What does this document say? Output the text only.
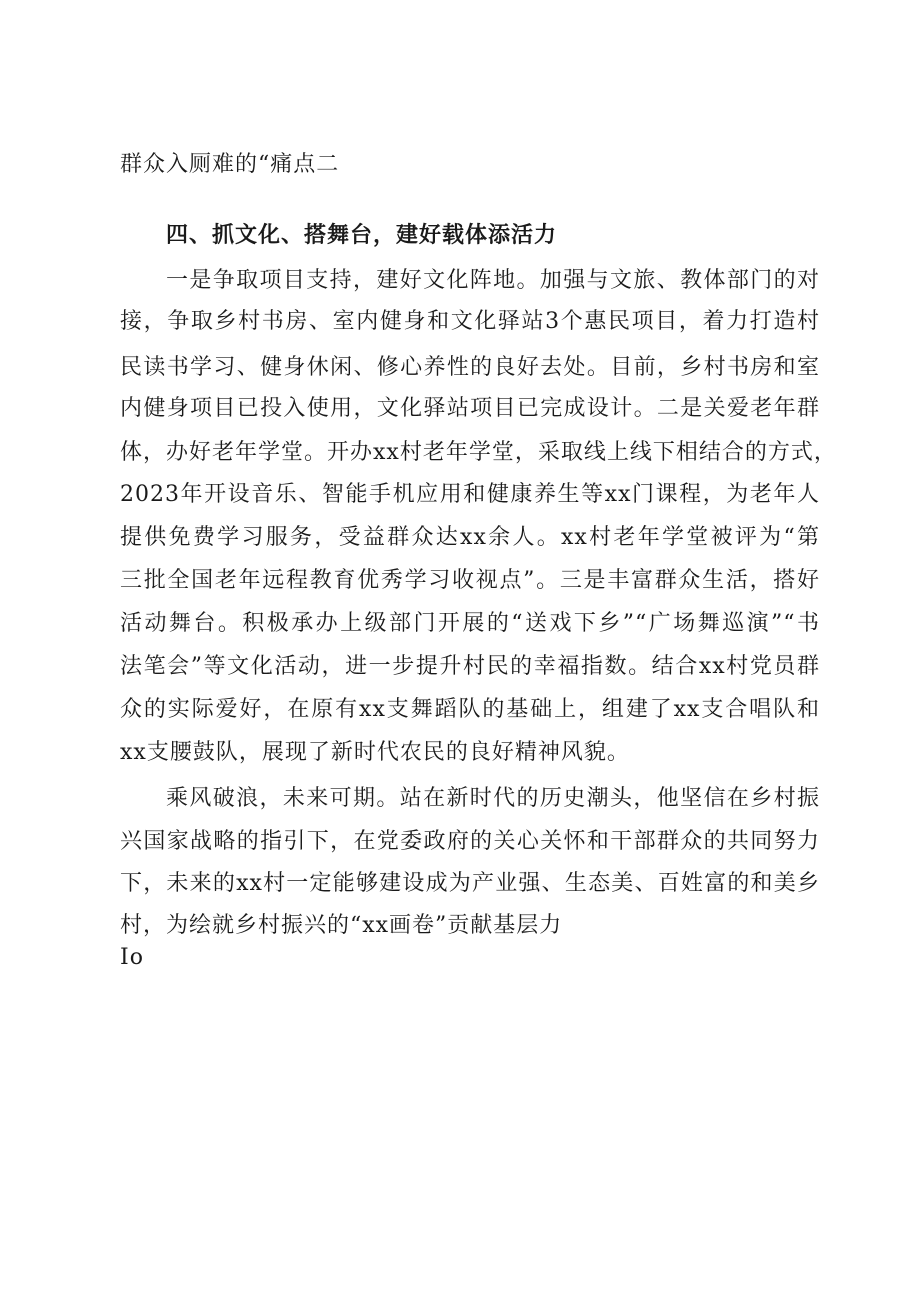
群众入厕难的“痛点二
四、抓文化、搭舞台，建好载体添活力
一是争取项目支持，建好文化阵地。加强与文旅、教体部门的对
接，争取乡村书房、室内健身和文化驿站3个惠民项目，着力打造村
民读书学习、健身休闲、修心养性的良好去处。目前，乡村书房和室
内健身项目已投入使用，文化驿站项目已完成设计。二是关爱老年群
体，办好老年学堂。开办xx村老年学堂，采取线上线下相结合的方式，
2023年开设音乐、智能手机应用和健康养生等xx门课程，为老年人
提供免费学习服务，受益群众达xx余人。xx村老年学堂被评为“第
三批全国老年远程教育优秀学习收视点”。三是丰富群众生活，搭好
活动舞台。积极承办上级部门开展的“送戏下乡”“广场舞巡演”“书
法笔会”等文化活动，进一步提升村民的幸福指数。结合xx村党员群
众的实际爱好，在原有xx支舞蹈队的基础上，组建了xx支合唱队和
xx支腰鼓队，展现了新时代农民的良好精神风貌。
乘风破浪，未来可期。站在新时代的历史潮头，他坚信在乡村振
兴国家战略的指引下，在党委政府的关心关怀和干部群众的共同努力
下，未来的xx村一定能够建设成为产业强、生态美、百姓富的和美乡
村，为绘就乡村振兴的“xx画卷”贡献基层力
Io
